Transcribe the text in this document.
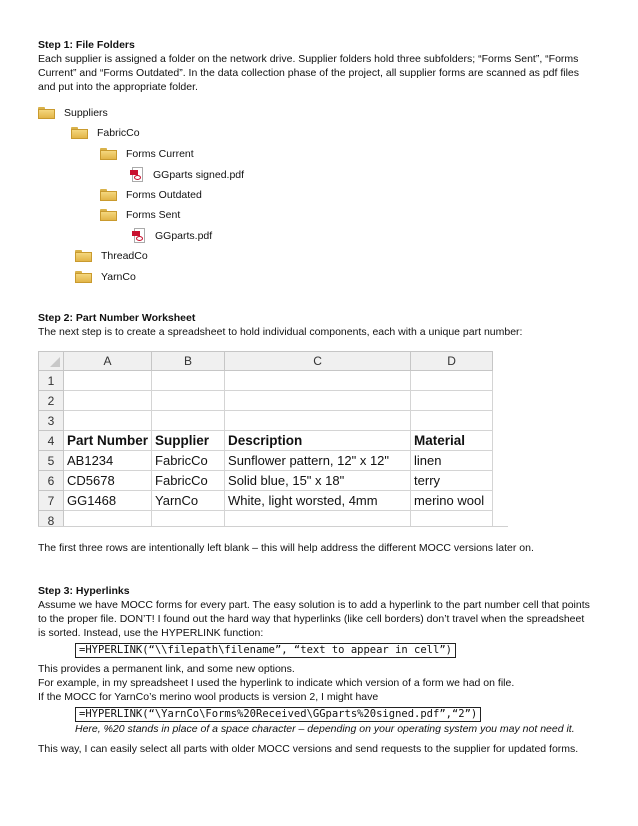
Step 1: File Folders

Each supplier is assigned a folder on the network drive. Supplier folders hold three subfolders; “Forms Sent”, “Forms

Current” and “Forms Outdated”. In the data collection phase of the project, all supplier forms are scanned as pdf files

and put into the appropriate folder.

Suppliers
FabricCo
Forms Current
GGparts signed.pdf
Forms Outdated
Forms Sent
GGparts.pdf
ThreadCo
YarnCo

Step 2: Part Number Worksheet

The next step is to create a spreadsheet to hold individual components, each with a unique part number:

	A	B	C	D
1				
2				
3				
4	Part Number	Supplier	Description	Material
5	AB1234	FabricCo	Sunflower pattern, 12" x 12"	linen
6	CD5678	FabricCo	Solid blue, 15" x 18"	terry
7	GG1468	YarnCo	White, light worsted, 4mm	merino wool
8				

The first three rows are intentionally left blank – this will help address the different MOCC versions later on.

Step 3: Hyperlinks

Assume we have MOCC forms for every part. The easy solution is to add a hyperlink to the part number cell that points

to the proper file. DON’T! I found out the hard way that hyperlinks (like cell borders) don’t travel when the spreadsheet

is sorted. Instead, use the HYPERLINK function:

=HYPERLINK(“\\filepath\filename”, “text to appear in cell”)

This provides a permanent link, and some new options.

For example, in my spreadsheet I used the hyperlink to indicate which version of a form we had on file.

If the MOCC for YarnCo’s merino wool products is version 2, I might have

=HYPERLINK(“\YarnCo\Forms%20Received\GGparts%20signed.pdf”,“2”)

Here, %20 stands in place of a space character – depending on your operating system you may not need it.

This way, I can easily select all parts with older MOCC versions and send requests to the supplier for updated forms.
